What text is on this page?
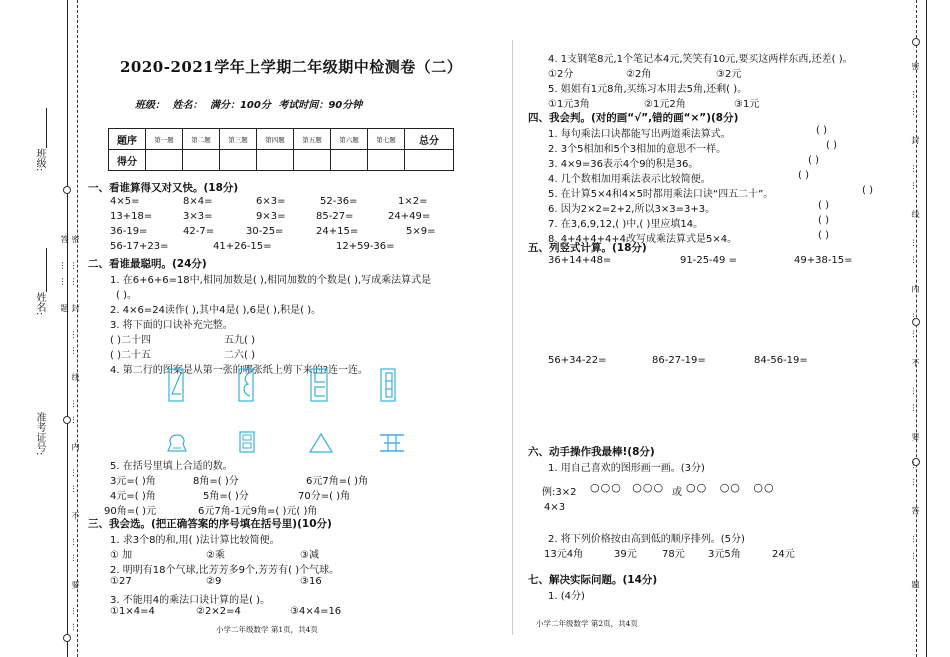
密 …… 封 …… 线 …… 内 …… 不 …… 要 …… 答 …… 题
班级:
姓名:
准考证号:	密 …… 封 …… 线 …… 内 …… 不 …… 要 …… 答 …… 题
2020-2021学年上学期二年级期中检测卷（二）
班级： 姓名： 满分：100分 考试时间：90分钟
题序	第一题	第二题	第三题	第四题	第五题	第六题	第七题	总分
得分								
一、看谁算得又对又快。(18分)
4×5=	8×4=	6×3=	52-36=	1×2=
13+18=	3×3=	9×3=	85-27=	24+49=
36-19=	42-7=	30-25=	24+15=	5×9=
56-17+23=	41+26-15=	12+59-36=
二、看谁最聪明。(24分)
1. 在6+6+6=18中,相同加数是( ),相同加数的个数是( ),写成乘法算式是
( )。
2. 4×6=24读作( ),其中4是( ),6是( ),积是( )。
3. 将下面的口诀补充完整。
( )二十四	五九( )
( )二十五	二六( )
4. 第二行的图案是从第一张的哪张纸上剪下来的?连一连。
5. 在括号里填上合适的数。
3元=( )角	8角=( )分	6元7角=( )角
4元=( )角	5角=( )分	70分=( )角
90角=( )元	6元7角-1元9角=( )元( )角
三、我会选。(把正确答案的序号填在括号里)(10分)
1. 求3个8的和,用( )法计算比较简便。
① 加	②乘	③减
2. 明明有18个气球,比芳芳多9个,芳芳有( )个气球。
①27	②9	③16
3. 不能用4的乘法口诀计算的是( )。
①1×4=4	②2×2=4	③4×4=16
小学二年级数学 第1页，共4页
4. 1支钢笔8元,1个笔记本4元,笑笑有10元,要买这两样东西,还差( )。
①2分	②2角	③2元
5. 姐姐有1元8角,买练习本用去5角,还剩( )。
①1元3角	②1元2角	③1元
四、我会判。(对的画“√”,错的画“×”)(8分)
1. 每句乘法口诀都能写出两道乘法算式。	( )
2. 3个5相加和5个3相加的意思不一样。	( )
3. 4×9=36表示4个9的积是36。	( )
4. 几个数相加用乘法表示比较简便。	( )
5. 在计算5×4和4×5时都用乘法口诀“四五二十”。	( )
6. 因为2×2=2+2,所以3×3=3+3。	( )
7. 在3,6,9,12,( )中,( )里应填14。	( )
8. 4+4+4+4+4改写成乘法算式是5×4。	( )
五、列竖式计算。(18分)
36+14+48=	91-25-49 =	49+38-15=
56+34-22=	86-27-19=	84-56-19=
六、动手操作我最棒!(8分)
1. 用自己喜欢的图形画一画。(3分)
例:3×2 ○○○ ○○○ 或 ○○ ○○ ○○
4×3
2. 将下列价格按由高到低的顺序排列。(5分)
13元4角	39元	78元 3元5角	24元
七、解决实际问题。(14分)
1. (4分)
小学二年级数学 第2页，共4页
